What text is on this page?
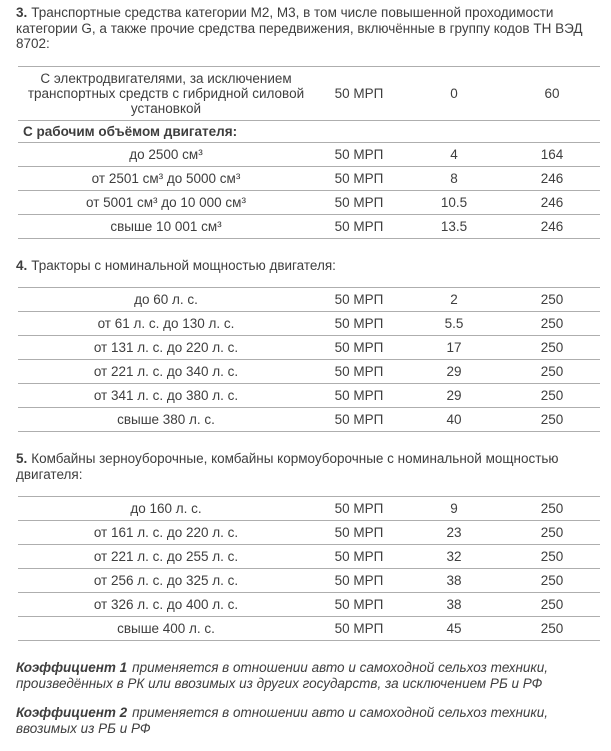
3. Транспортные средства категории М2, М3, в том числе повышенной проходимости категории G, а также прочие средства передвижения, включённые в группу кодов ТН ВЭД 8702:

С электродвигателями, за исключением транспортных средств с гибридной силовой установкой	50 МРП	0	60
С рабочим объёмом двигателя:			
до 2500 см³	50 МРП	4	164
от 2501 см³ до 5000 см³	50 МРП	8	246
от 5001 см³ до 10 000 см³	50 МРП	10.5	246
свыше 10 001 см³	50 МРП	13.5	246

4. Тракторы с номинальной мощностью двигателя:

до 60 л. с.	50 МРП	2	250
от 61 л. с. до 130 л. с.	50 МРП	5.5	250
от 131 л. с. до 220 л. с.	50 МРП	17	250
от 221 л. с. до 340 л. с.	50 МРП	29	250
от 341 л. с. до 380 л. с.	50 МРП	29	250
свыше 380 л. с.	50 МРП	40	250

5. Комбайны зерноуборочные, комбайны кормоуборочные с номинальной мощностью двигателя:

до 160 л. с.	50 МРП	9	250
от 161 л. с. до 220 л. с.	50 МРП	23	250
от 221 л. с. до 255 л. с.	50 МРП	32	250
от 256 л. с. до 325 л. с.	50 МРП	38	250
от 326 л. с. до 400 л. с.	50 МРП	38	250
свыше 400 л. с.	50 МРП	45	250

Коэффициент 1 применяется в отношении авто и самоходной сельхоз техники, произведённых в РК или ввозимых из других государств, за исключением РБ и РФ

Коэффициент 2 применяется в отношении авто и самоходной сельхоз техники, ввозимых из РБ и РФ
